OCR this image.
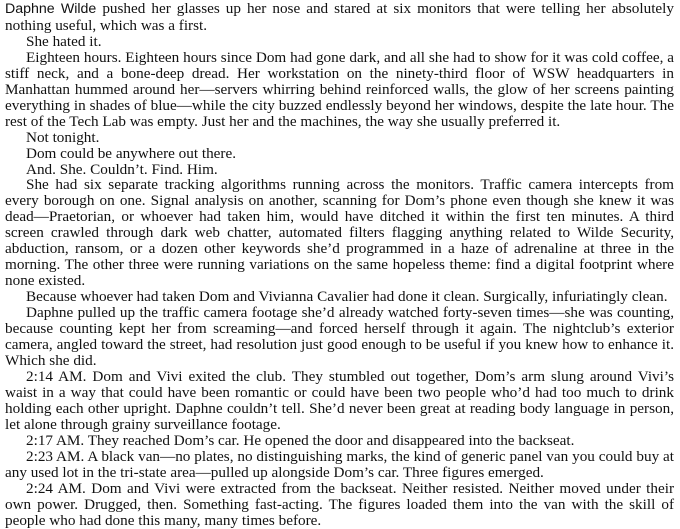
Daphne Wilde pushed her glasses up her nose and stared at six monitors that were telling her absolutely nothing useful, which was a first.

She hated it.

Eighteen hours. Eighteen hours since Dom had gone dark, and all she had to show for it was cold coffee, a stiff neck, and a bone-deep dread. Her workstation on the ninety-third floor of WSW headquarters in Manhattan hummed around her—servers whirring behind reinforced walls, the glow of her screens painting everything in shades of blue—while the city buzzed endlessly beyond her windows, despite the late hour. The rest of the Tech Lab was empty. Just her and the machines, the way she usually preferred it.

Not tonight.

Dom could be anywhere out there.

And. She. Couldn’t. Find. Him.

She had six separate tracking algorithms running across the monitors. Traffic camera intercepts from every borough on one. Signal analysis on another, scanning for Dom’s phone even though she knew it was dead—Praetorian, or whoever had taken him, would have ditched it within the first ten minutes. A third screen crawled through dark web chatter, automated filters flagging anything related to Wilde Security, abduction, ransom, or a dozen other keywords she’d programmed in a haze of adrenaline at three in the morning. The other three were running variations on the same hopeless theme: find a digital footprint where none existed.

Because whoever had taken Dom and Vivianna Cavalier had done it clean. Surgically, infuriatingly clean.

Daphne pulled up the traffic camera footage she’d already watched forty-seven times—she was counting, because counting kept her from screaming—and forced herself through it again. The nightclub’s exterior camera, angled toward the street, had resolution just good enough to be useful if you knew how to enhance it. Which she did.

2:14 AM. Dom and Vivi exited the club. They stumbled out together, Dom’s arm slung around Vivi’s waist in a way that could have been romantic or could have been two people who’d had too much to drink holding each other upright. Daphne couldn’t tell. She’d never been great at reading body language in person, let alone through grainy surveillance footage.

2:17 AM. They reached Dom’s car. He opened the door and disappeared into the backseat.

2:23 AM. A black van—no plates, no distinguishing marks, the kind of generic panel van you could buy at any used lot in the tri-state area—pulled up alongside Dom’s car. Three figures emerged.

2:24 AM. Dom and Vivi were extracted from the backseat. Neither resisted. Neither moved under their own power. Drugged, then. Something fast-acting. The figures loaded them into the van with the skill of people who had done this many, many times before.
